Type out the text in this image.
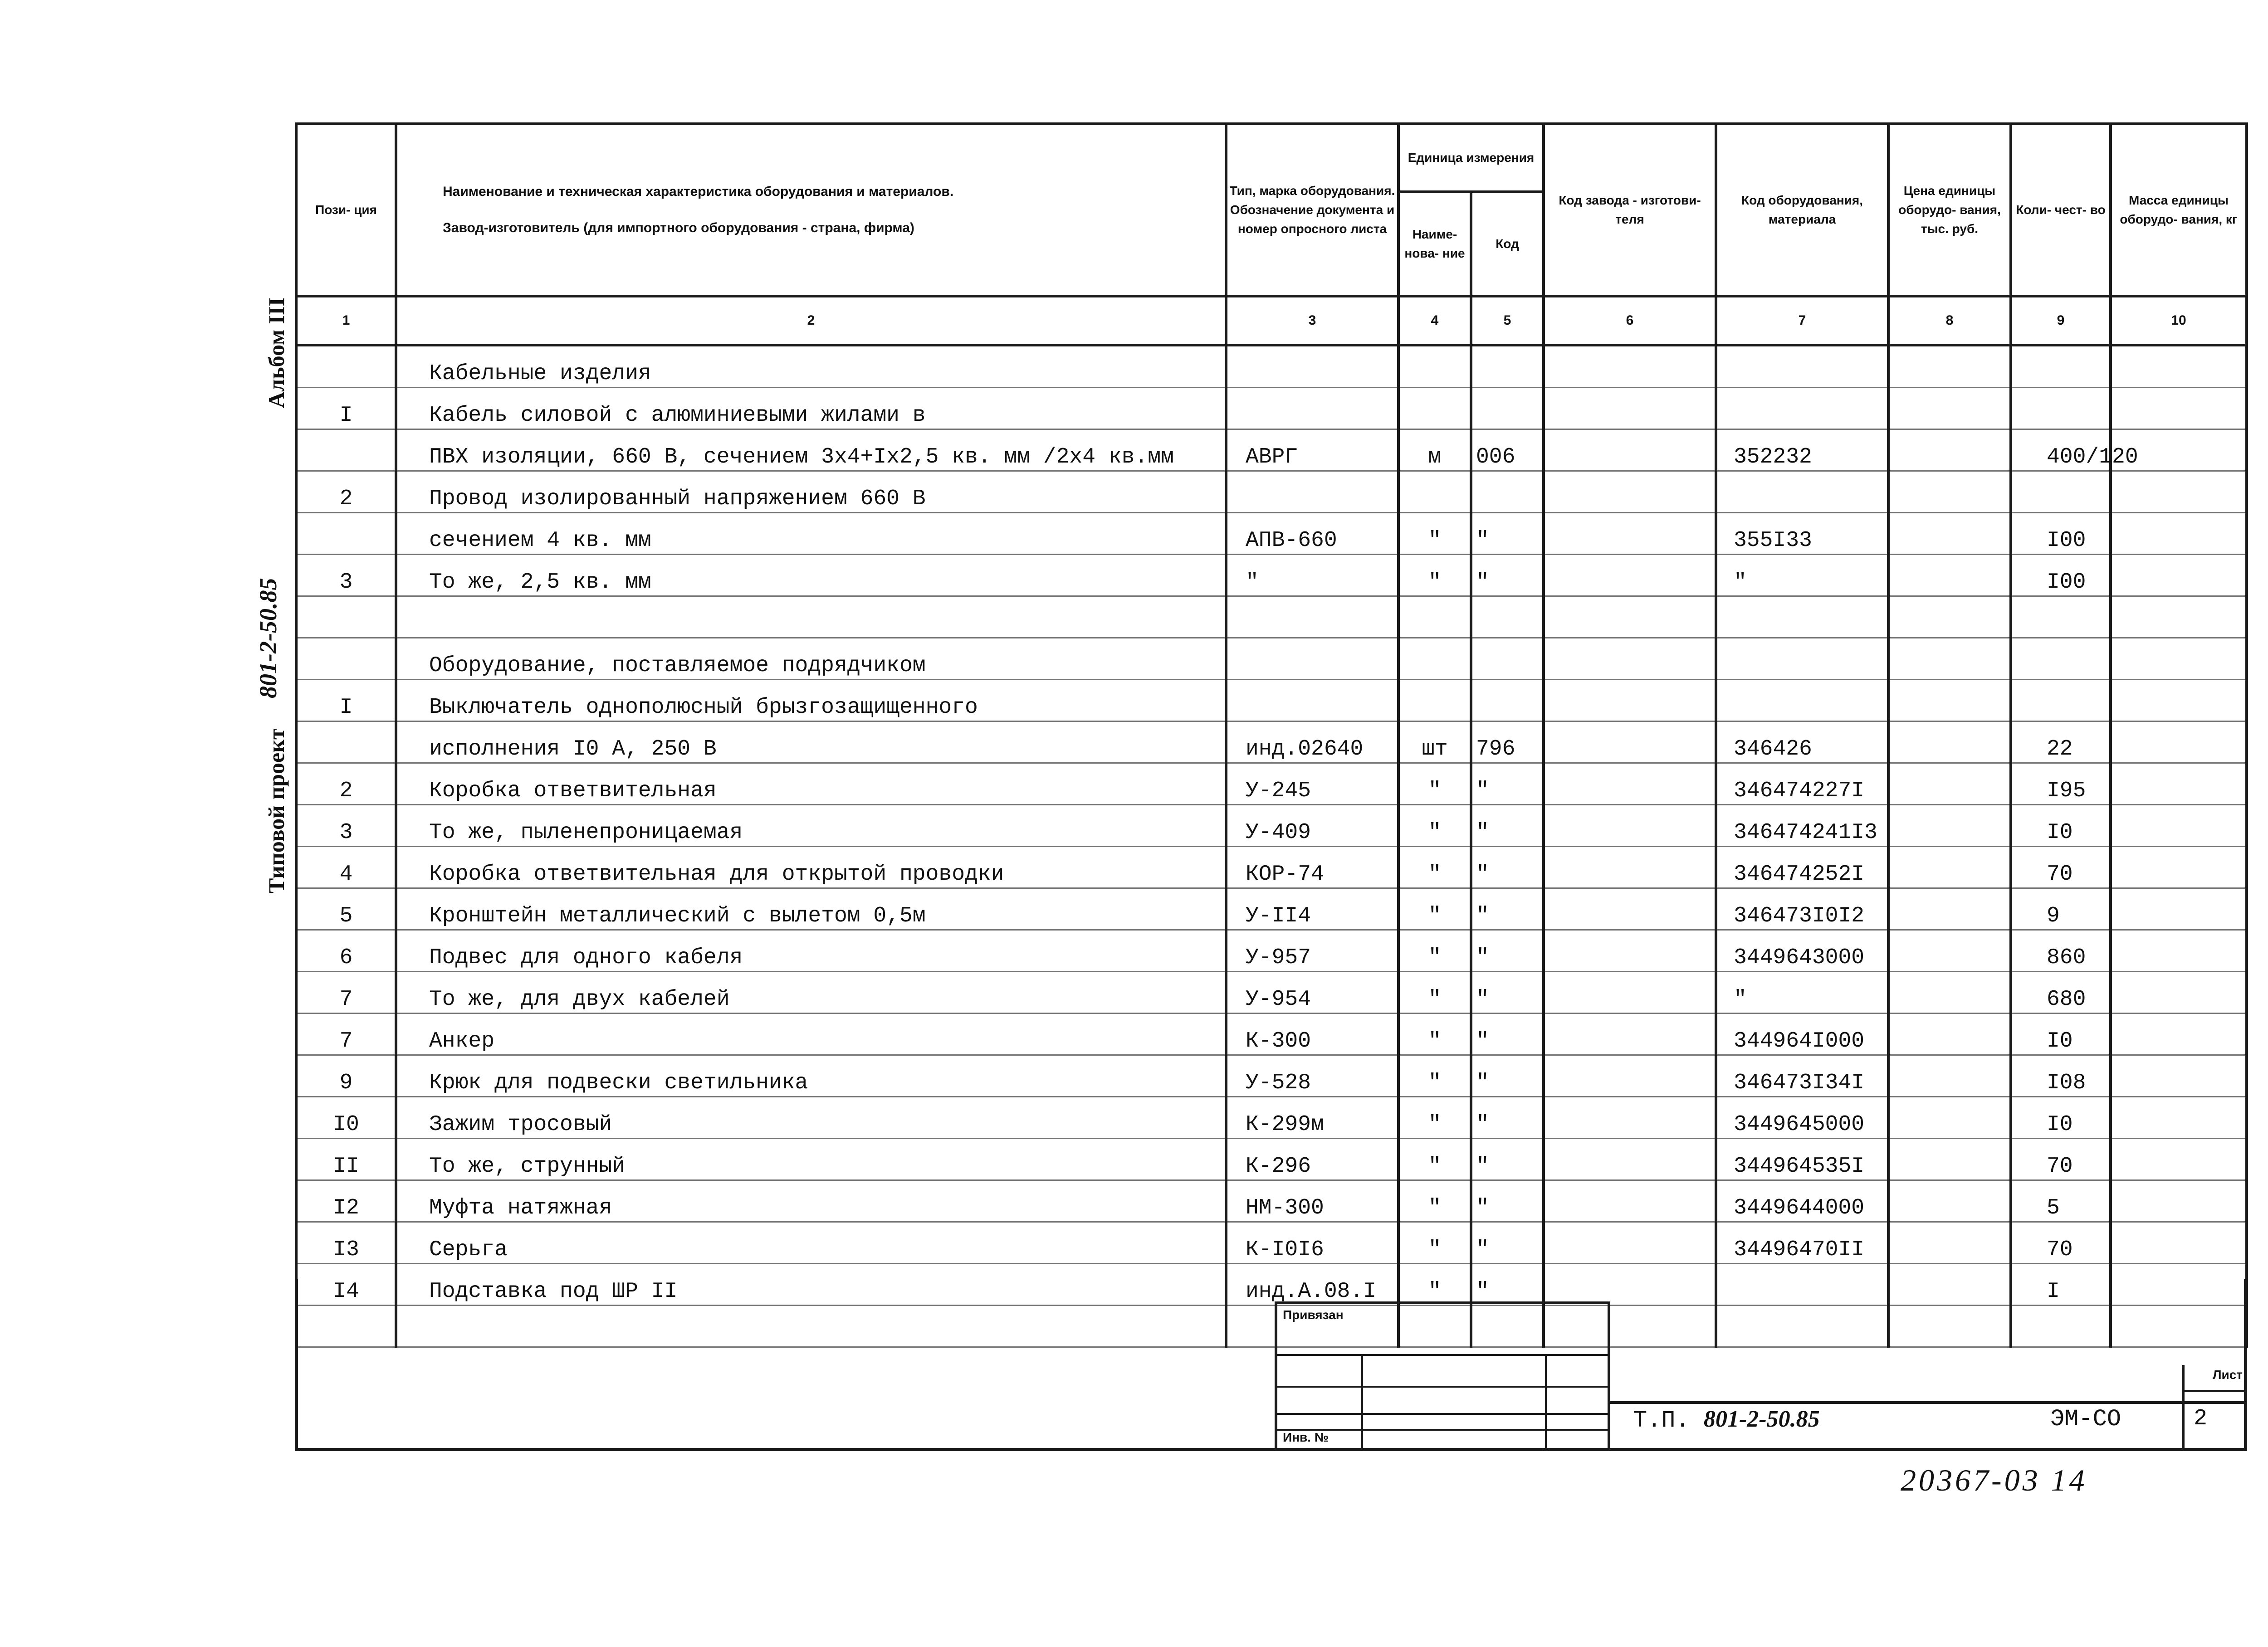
Альбом III
Типовой проект
801-2-50.85
Пози- ция	Наименование и техническая характеристика оборудования и материалов.
Завод-изготовитель (для импортного оборудования - страна, фирма)	Тип, марка оборудования. Обозначение документа и номер опросного листа	Единица измерения		Код завода - изготови- теля	Код оборудования, материала	Цена единицы оборудо- вания, тыс. руб.	Коли- чест- во	Масса единицы оборудо- вания, кг
			Наиме- нова- ние	Код					
1	2	3	4	5	6	7	8	9	10
	Кабельные изделия								
I	Кабель силовой с алюминиевыми жилами в								
	ПВХ изоляции, 660 В, сечением 3х4+Iх2,5 кв. мм /2х4 кв.мм	АВРГ	м	006		352232		400/120	
2	Провод изолированный напряжением 660 В								
	сечением 4 кв. мм	АПВ-660	"	"		355I33		I00	
3	То же, 2,5 кв. мм	"	"	"		"		I00	

	Оборудование, поставляемое подрядчиком								
I	Выключатель однополюсный брызгозащищенного								
	исполнения I0 А, 250 В	инд.02640	шт	796		346426		22	
2	Коробка ответвительная	У-245	"	"		346474227I		I95	
3	То же, пыленепроницаемая	У-409	"	"		346474241I3		I0	
4	Коробка ответвительная для открытой проводки	КОР-74	"	"		346474252I		70	
5	Кронштейн металлический с вылетом 0,5м	У-II4	"	"		346473I0I2		9	
6	Подвес для одного кабеля	У-957	"	"		3449643000		860	
7	То же, для двух кабелей	У-954	"	"		"		680	
7	Анкер	К-300	"	"		344964I000		I0	
9	Крюк для подвески светильника	У-528	"	"		346473I34I		I08	
I0	Зажим тросовый	К-299м	"	"		3449645000		I0	
II	То же, струнный	К-296	"	"		344964535I		70	
I2	Муфта натяжная	НМ-300	"	"		3449644000		5	
I3	Серьга	К-I0I6	"	"		34496470II		70	
I4	Подставка под ШР II	инд.А.08.I	"	"				I	

Привязан
Инв. №
Т.П. 801-2-50.85	ЭМ-СО
Лист
2
20367-03 14
